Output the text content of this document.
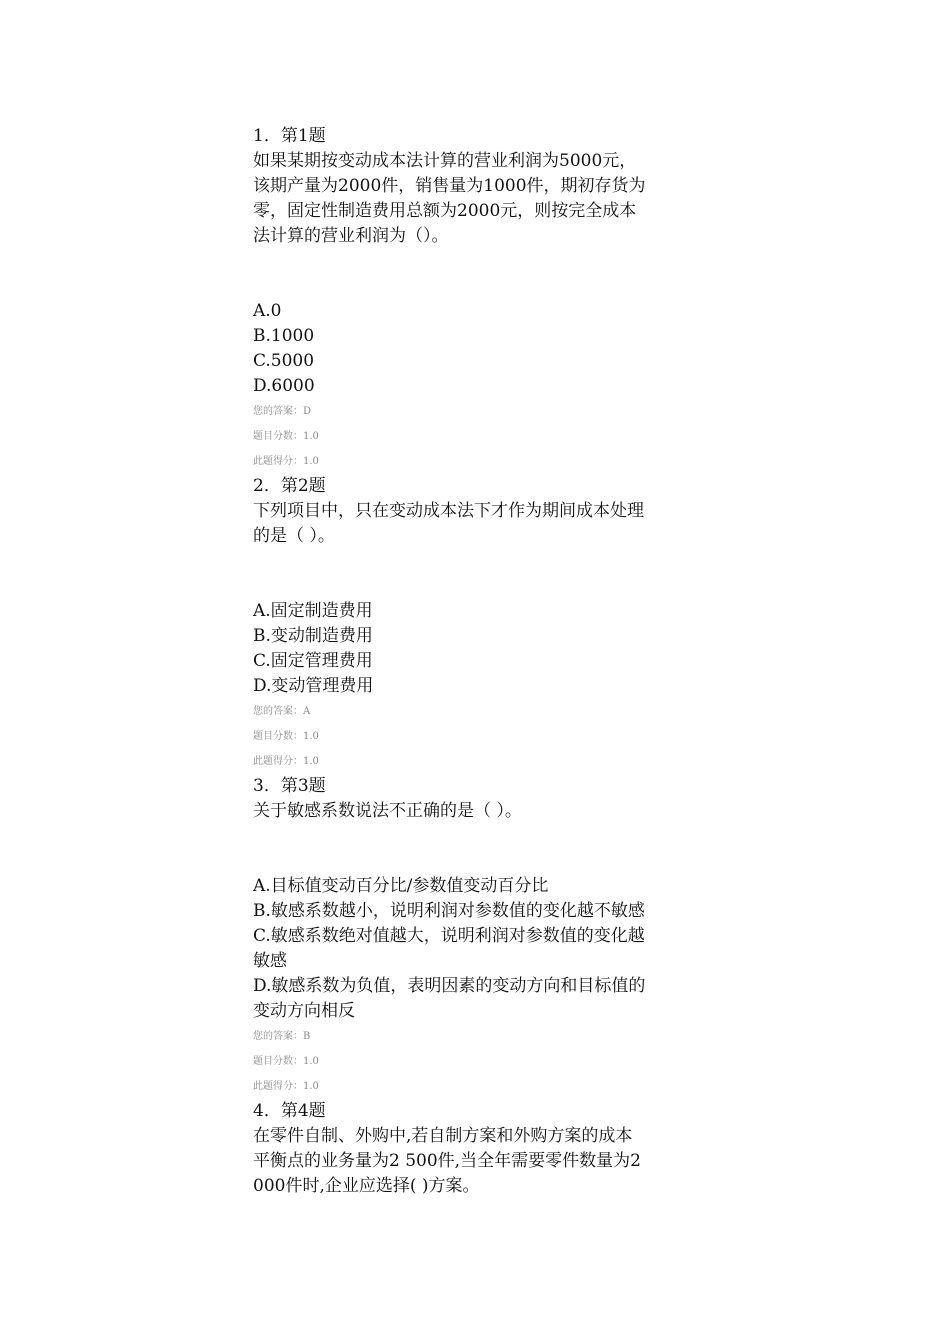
1．第1题
如果某期按变动成本法计算的营业利润为5000元，
该期产量为2000件，销售量为1000件，期初存货为
零，固定性制造费用总额为2000元，则按完全成本
法计算的营业利润为（）。
A.0
B.1000
C.5000
D.6000
您的答案：D
题目分数：1.0
此题得分：1.0
2．第2题
下列项目中，只在变动成本法下才作为期间成本处理
的是（ ）。
A.固定制造费用
B.变动制造费用
C.固定管理费用
D.变动管理费用
您的答案：A
题目分数：1.0
此题得分：1.0
3．第3题
关于敏感系数说法不正确的是（ ）。
A.目标值变动百分比/参数值变动百分比
B.敏感系数越小，说明利润对参数值的变化越不敏感
C.敏感系数绝对值越大，说明利润对参数值的变化越
敏感
D.敏感系数为负值，表明因素的变动方向和目标值的
变动方向相反
您的答案：B
题目分数：1.0
此题得分：1.0
4．第4题
在零件自制、外购中,若自制方案和外购方案的成本
平衡点的业务量为2 500件,当全年需要零件数量为2
000件时,企业应选择( )方案。
